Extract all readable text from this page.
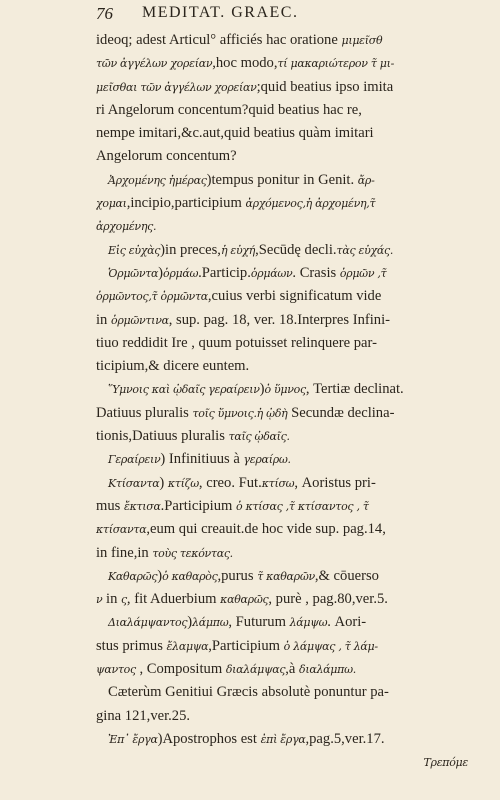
76 MEDITAT. GRAEC.
ideoq; adest Articul° afficiés hac oratione μιμεῖσθ
τῶν ἀγγέλων χορείαν,hoc modo,τί μακαριώτερον τ̃ μι-
μεῖσθαι τῶν ἀγγέλων χορείαν;quid beatius ipso imita
ri Angelorum concentum?quid beatius hac re,
nempe imitari,&c.aut,quid beatius quàm imitari
Angelorum concentum?
Ἀρχομένης ἡμέρας)tempus ponitur in Genit. ἄρ-
χομαι,incipio,participium ἀρχόμενος,ἡ ἀρχομένη,τ̃
ἀρχομένης.
Εἰς εὐχὰς)in preces,ἡ εὐχή,Secūdę decli.τὰς εὐχάς.
Ὁρμῶντα)ὁρμάω.Particip.ὁρμάων. Crasis ὁρμῶν ,τ̃
ὁρμῶντος,τ̃ ὁρμῶντα,cuius verbi significatum vide
in ὁρμῶντινα, sup. pag. 18, ver. 18.Interpres Infini-
tiuo reddidit Ire , quum potuisset relinquere par-
ticipium,& dicere euntem.
Ὕμνοις καὶ ᾠδαῖς γεραίρειν)ὁ ὕμνος, Tertiæ declinat.
Datiuus pluralis τοῖς ὕμνοις.ἡ ᾠδὴ Secundæ declina-
tionis,Datiuus pluralis ταῖς ᾠδαῖς.
Γεραίρειν) Infinitiuus à γεραίρω.
Κτίσαντα) κτίζω, creo. Fut.κτίσω, Aoristus pri-
mus ἔκτισα.Participium ὁ κτίσας ,τ̃ κτίσαντος , τ̃
κτίσαντα,eum qui creauit.de hoc vide sup. pag.14,
in fine,in τοὺς τεκόντας.
Καθαρῶς)ὁ καθαρὸς,purus τ̃ καθαρῶν,& cōuerso
ν in ς, fit Aduerbium καθαρῶς, purè , pag.80,ver.5.
Διαλάμψαντος)λάμπω, Futurum λάμψω. Aori-
stus primus ἔλαμψα,Participium ὁ λάμψας , τ̃ λάμ-
ψαντος , Compositum διαλάμψας,à διαλάμπω.
Cæterùm Genitiui Græcis absolutè ponuntur pa-
gina 121,ver.25.
Ἐπ᾽ ἔργα)Apostrophos est ἐπὶ ἔργα,pag.5,ver.17.
Τρεπόμε
